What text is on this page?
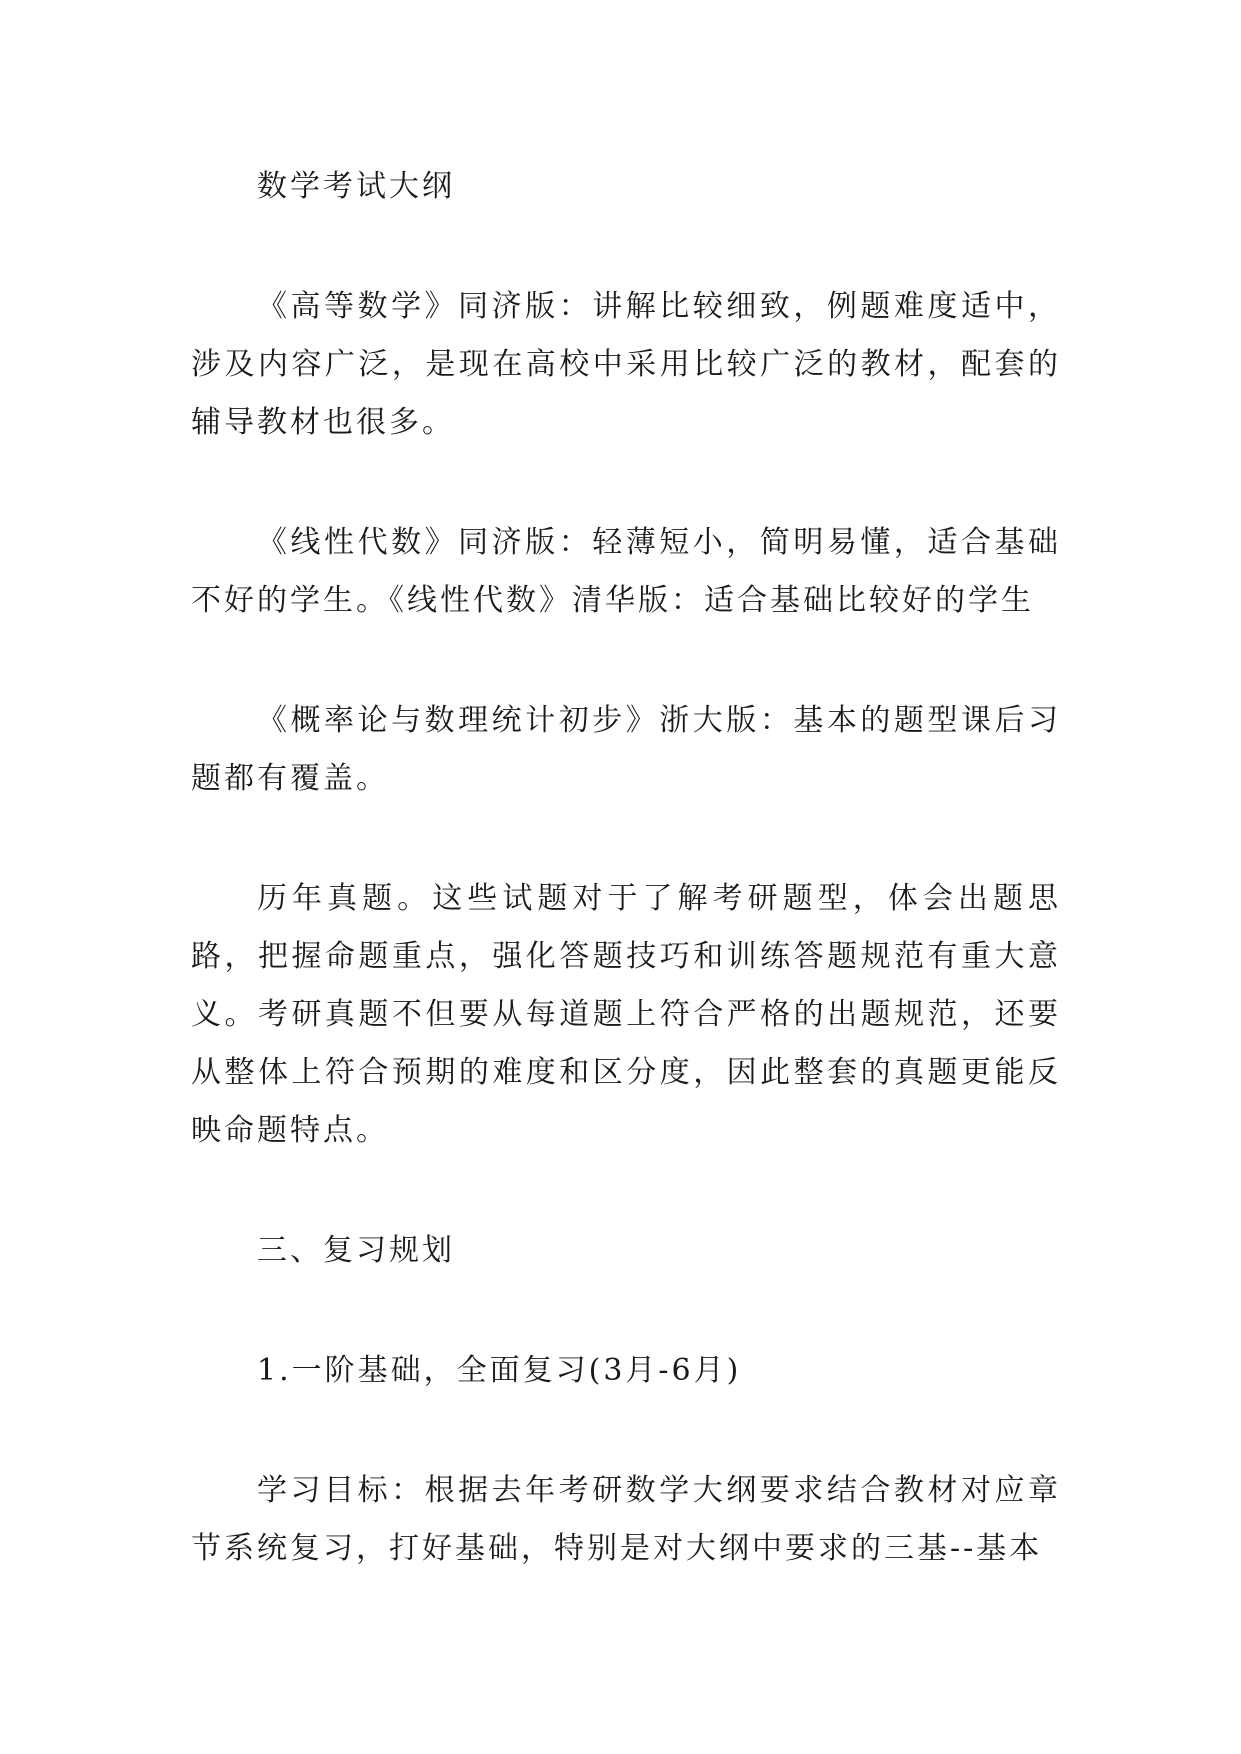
数学考试大纲

《高等数学》同济版：讲解比较细致，例题难度适中，涉及内容广泛，是现在高校中采用比较广泛的教材，配套的辅导教材也很多。

《线性代数》同济版：轻薄短小，简明易懂，适合基础不好的学生。《线性代数》清华版：适合基础比较好的学生

《概率论与数理统计初步》浙大版：基本的题型课后习题都有覆盖。

历年真题。这些试题对于了解考研题型，体会出题思路，把握命题重点，强化答题技巧和训练答题规范有重大意义。考研真题不但要从每道题上符合严格的出题规范，还要从整体上符合预期的难度和区分度，因此整套的真题更能反映命题特点。

三、复习规划

1.一阶基础，全面复习(3月-6月)

学习目标：根据去年考研数学大纲要求结合教材对应章节系统复习，打好基础，特别是对大纲中要求的三基--基本
